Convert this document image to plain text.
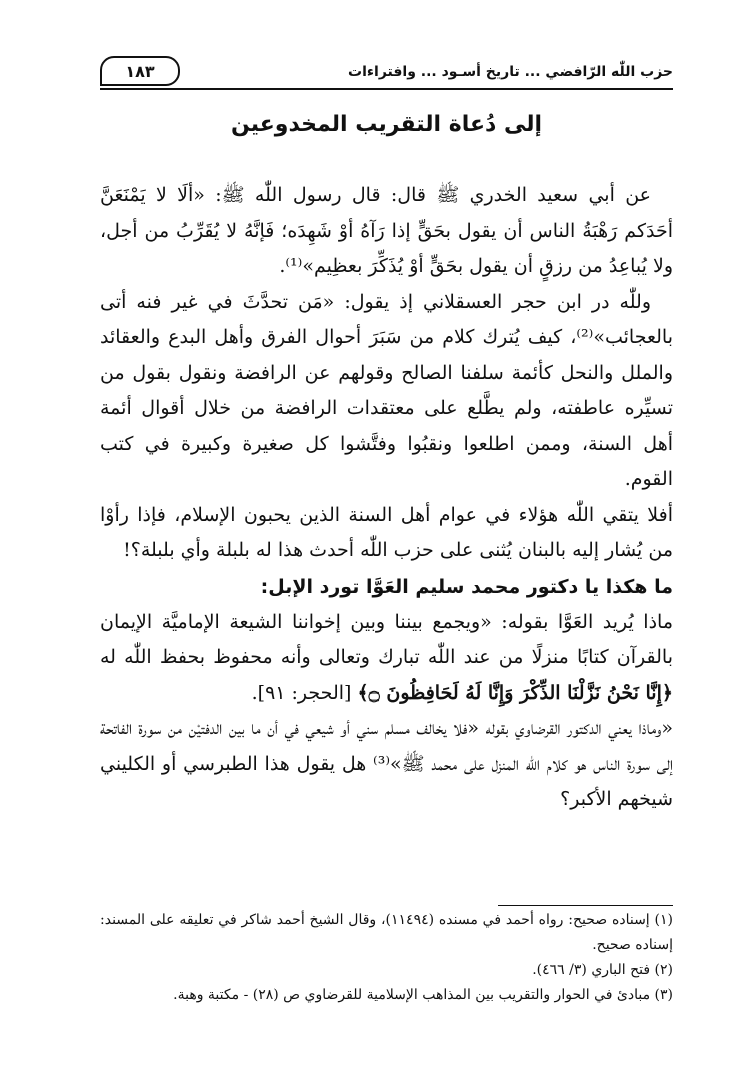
حزب اللّٰه الرّافضي ... تاريخ أسـود ... وافتراءات
١٨٣
إلى دُعاة التقريب المخدوعين

عن أبي سعيد الخدري ﷺ قال: قال رسول اللّٰه ﷺ: «ألَا لا يَمْنَعَنَّ أحَدَكم رَهْبَةُ الناس أن يقول بحَقٍّ إذا رَآهُ أوْ شَهِدَه؛ فَإنَّهُ لا يُقَرِّبُ من أجل، ولا يُباعِدُ من رزقٍ أن يقول بحَقٍّ أوْ يُذَكِّرَ بعظِيم»⁽¹⁾.

وللّٰه در ابن حجر العسقلاني إذ يقول: «مَن تحدَّثَ في غير فنه أتى بالعجائب»⁽²⁾، كيف يُترك كلام من سَبَرَ أحوال الفرق وأهل البدع والعقائد والملل والنحل كأئمة سلفنا الصالح وقولهم عن الرافضة ونقول بقول من تسيِّره عاطفته، ولم يطَّلع على معتقدات الرافضة من خلال أقوال أئمة أهل السنة، وممن اطلعوا ونقبُوا وفتَّشوا كل صغيرة وكبيرة في كتب القوم.

أفلا يتقي اللّٰه هؤلاء في عوام أهل السنة الذين يحبون الإسلام، فإذا رأوْا من يُشار إليه بالبنان يُثنى على حزب اللّٰه أحدث هذا له بلبلة وأي بلبلة؟!

ما هكذا يا دكتور محمد سليم العَوَّا تورد الإبل:

ماذا يُريد العَوَّا بقوله: «ويجمع بيننا وبين إخواننا الشيعة الإماميَّة الإيمان بالقرآن كتابًا منزلًا من عند اللّٰه تبارك وتعالى وأنه محفوظ بحفظ اللّٰه له ﴿إِنَّا نَحْنُ نَزَّلْنَا الذِّكْرَ وَإِنَّا لَهُ لَحَافِظُونَ ۝﴾ [الحجر: ٩١].

«وماذا يعني الدكتور القرضاوي بقوله «فلا يخالف مسلم سني أو شيعي في أن ما بين الدفتيْن من سورة الفاتحة إلى سورة الناس هو كلام اللّٰه المنزل على محمد ﷺ»⁽³⁾ هل يقول هذا الطبرسي أو الكليني شيخهم الأكبر؟

(١) إسناده صحيح: رواه أحمد في مسنده (١١٤٩٤)، وقال الشيخ أحمد شاكر في تعليقه على المسند: إسناده صحيح.

(٢) فتح الباري (٣/ ٤٦٦).

(٣) مبادئ في الحوار والتقريب بين المذاهب الإسلامية للقرضاوي ص (٢٨) - مكتبة وهبة.
